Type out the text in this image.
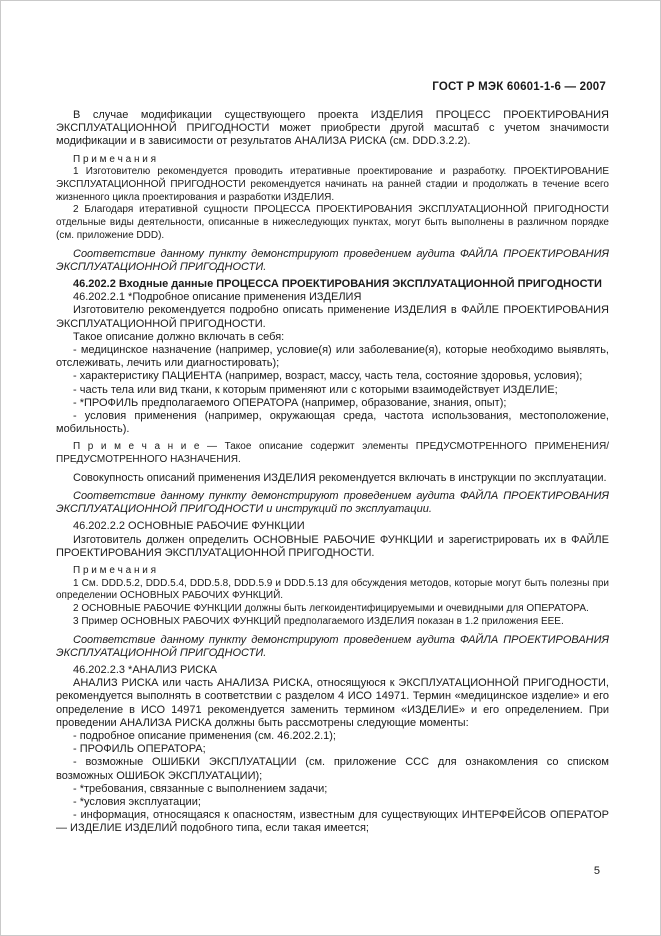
ГОСТ Р МЭК 60601-1-6 — 2007

В случае модификации существующего проекта ИЗДЕЛИЯ ПРОЦЕСС ПРОЕКТИРОВАНИЯ ЭКСПЛУАТАЦИОННОЙ ПРИГОДНОСТИ может приобрести другой масштаб с учетом значимости модификации и в зависимости от результатов АНАЛИЗА РИСКА (см. DDD.3.2.2).

П р и м е ч а н и я

1 Изготовителю рекомендуется проводить итеративные проектирование и разработку. ПРОЕКТИРОВАНИЕ ЭКСПЛУАТАЦИОННОЙ ПРИГОДНОСТИ рекомендуется начинать на ранней стадии и продолжать в течение всего жизненного цикла проектирования и разработки ИЗДЕЛИЯ.

2 Благодаря итеративной сущности ПРОЦЕССА ПРОЕКТИРОВАНИЯ ЭКСПЛУАТАЦИОННОЙ ПРИГОДНОСТИ отдельные виды деятельности, описанные в нижеследующих пунктах, могут быть выполнены в различном порядке (см. приложение DDD).

Соответствие данному пункту демонстрируют проведением аудита ФАЙЛА ПРОЕКТИРОВАНИЯ ЭКСПЛУАТАЦИОННОЙ ПРИГОДНОСТИ.

46.202.2 Входные данные ПРОЦЕССА ПРОЕКТИРОВАНИЯ ЭКСПЛУАТАЦИОННОЙ ПРИГОДНОСТИ

46.202.2.1 *Подробное описание применения ИЗДЕЛИЯ

Изготовителю рекомендуется подробно описать применение ИЗДЕЛИЯ в ФАЙЛЕ ПРОЕКТИРОВАНИЯ ЭКСПЛУАТАЦИОННОЙ ПРИГОДНОСТИ.

Такое описание должно включать в себя:

- медицинское назначение (например, условие(я) или заболевание(я), которые необходимо выявлять, отслеживать, лечить или диагностировать);

- характеристику ПАЦИЕНТА (например, возраст, массу, часть тела, состояние здоровья, условия);

- часть тела или вид ткани, к которым применяют или с которыми взаимодействует ИЗДЕЛИЕ;

- *ПРОФИЛЬ предполагаемого ОПЕРАТОРА (например, образование, знания, опыт);

- условия применения (например, окружающая среда, частота использования, местоположение, мобильность).

П р и м е ч а н и е — Такое описание содержит элементы ПРЕДУСМОТРЕННОГО ПРИМЕНЕНИЯ/ПРЕДУСМОТРЕННОГО НАЗНАЧЕНИЯ.

Совокупность описаний применения ИЗДЕЛИЯ рекомендуется включать в инструкции по эксплуатации.

Соответствие данному пункту демонстрируют проведением аудита ФАЙЛА ПРОЕКТИРОВАНИЯ ЭКСПЛУАТАЦИОННОЙ ПРИГОДНОСТИ и инструкций по эксплуатации.

46.202.2.2 ОСНОВНЫЕ РАБОЧИЕ ФУНКЦИИ

Изготовитель должен определить ОСНОВНЫЕ РАБОЧИЕ ФУНКЦИИ и зарегистрировать их в ФАЙЛЕ ПРОЕКТИРОВАНИЯ ЭКСПЛУАТАЦИОННОЙ ПРИГОДНОСТИ.

П р и м е ч а н и я

1 См. DDD.5.2, DDD.5.4, DDD.5.8, DDD.5.9 и DDD.5.13 для обсуждения методов, которые могут быть полезны при определении ОСНОВНЫХ РАБОЧИХ ФУНКЦИЙ.

2 ОСНОВНЫЕ РАБОЧИЕ ФУНКЦИИ должны быть легкоидентифицируемыми и очевидными для ОПЕРАТОРА.

3 Пример ОСНОВНЫХ РАБОЧИХ ФУНКЦИЙ предполагаемого ИЗДЕЛИЯ показан в 1.2 приложения ЕЕЕ.

Соответствие данному пункту демонстрируют проведением аудита ФАЙЛА ПРОЕКТИРОВАНИЯ ЭКСПЛУАТАЦИОННОЙ ПРИГОДНОСТИ.

46.202.2.3 *АНАЛИЗ РИСКА

АНАЛИЗ РИСКА или часть АНАЛИЗА РИСКА, относящуюся к ЭКСПЛУАТАЦИОННОЙ ПРИГОДНОСТИ, рекомендуется выполнять в соответствии с разделом 4 ИСО 14971. Термин «медицинское изделие» и его определение в ИСО 14971 рекомендуется заменить термином «ИЗДЕЛИЕ» и его определением. При проведении АНАЛИЗА РИСКА должны быть рассмотрены следующие моменты:

- подробное описание применения (см. 46.202.2.1);

- ПРОФИЛЬ ОПЕРАТОРА;

- возможные ОШИБКИ ЭКСПЛУАТАЦИИ (см. приложение ССС для ознакомления со списком возможных ОШИБОК ЭКСПЛУАТАЦИИ);

- *требования, связанные с выполнением задачи;

- *условия эксплуатации;

- информация, относящаяся к опасностям, известным для существующих ИНТЕРФЕЙСОВ ОПЕРАТОР — ИЗДЕЛИЕ ИЗДЕЛИЙ подобного типа, если такая имеется;

5
